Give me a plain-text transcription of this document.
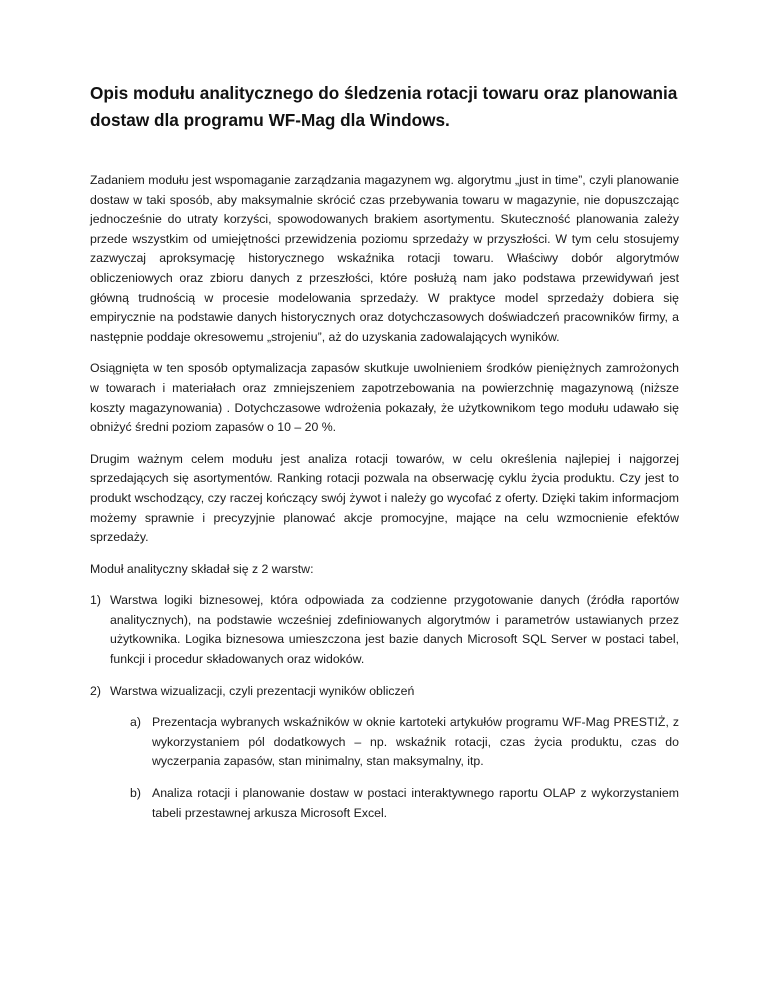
Opis modułu analitycznego do śledzenia rotacji towaru oraz planowania dostaw dla programu WF-Mag dla Windows.

Zadaniem modułu jest wspomaganie zarządzania magazynem wg. algorytmu „just in time”, czyli planowanie dostaw w taki sposób, aby maksymalnie skrócić czas przebywania towaru w magazynie, nie dopuszczając jednocześnie do utraty korzyści, spowodowanych brakiem asortymentu. Skuteczność planowania zależy przede wszystkim od umiejętności przewidzenia poziomu sprzedaży w przyszłości. W tym celu stosujemy zazwyczaj aproksymację historycznego wskaźnika rotacji towaru. Właściwy dobór algorytmów obliczeniowych oraz zbioru danych z przeszłości, które posłużą nam jako podstawa przewidywań jest główną trudnością w procesie modelowania sprzedaży. W praktyce model sprzedaży dobiera się empirycznie na podstawie danych historycznych oraz dotychczasowych doświadczeń pracowników firmy, a następnie poddaje okresowemu „strojeniu”, aż do uzyskania zadowalających wyników.

Osiągnięta w ten sposób optymalizacja zapasów skutkuje uwolnieniem środków pieniężnych zamrożonych w towarach i materiałach oraz zmniejszeniem zapotrzebowania na powierzchnię magazynową (niższe koszty magazynowania) . Dotychczasowe wdrożenia pokazały, że użytkownikom tego modułu udawało się obniżyć średni poziom zapasów o 10 – 20 %.

Drugim ważnym celem modułu jest analiza rotacji towarów, w celu określenia najlepiej i najgorzej sprzedających się asortymentów. Ranking rotacji pozwala na obserwację cyklu życia produktu. Czy jest to produkt wschodzący, czy raczej kończący swój żywot i należy go wycofać z oferty. Dzięki takim informacjom możemy sprawnie i precyzyjnie planować akcje promocyjne, mające na celu wzmocnienie efektów sprzedaży.

Moduł analityczny składał się z 2 warstw:

1) Warstwa logiki biznesowej, która odpowiada za codzienne przygotowanie danych (źródła raportów analitycznych), na podstawie wcześniej zdefiniowanych algorytmów i parametrów ustawianych przez użytkownika. Logika biznesowa umieszczona jest bazie danych Microsoft SQL Server w postaci tabel, funkcji i procedur składowanych oraz widoków.

2) Warstwa wizualizacji, czyli prezentacji wyników obliczeń

a) Prezentacja wybranych wskaźników w oknie kartoteki artykułów programu WF-Mag PRESTIŻ, z wykorzystaniem pól dodatkowych – np. wskaźnik rotacji, czas życia produktu, czas do wyczerpania zapasów, stan minimalny, stan maksymalny, itp.

b) Analiza rotacji i planowanie dostaw w postaci interaktywnego raportu OLAP z wykorzystaniem tabeli przestawnej arkusza Microsoft Excel.
